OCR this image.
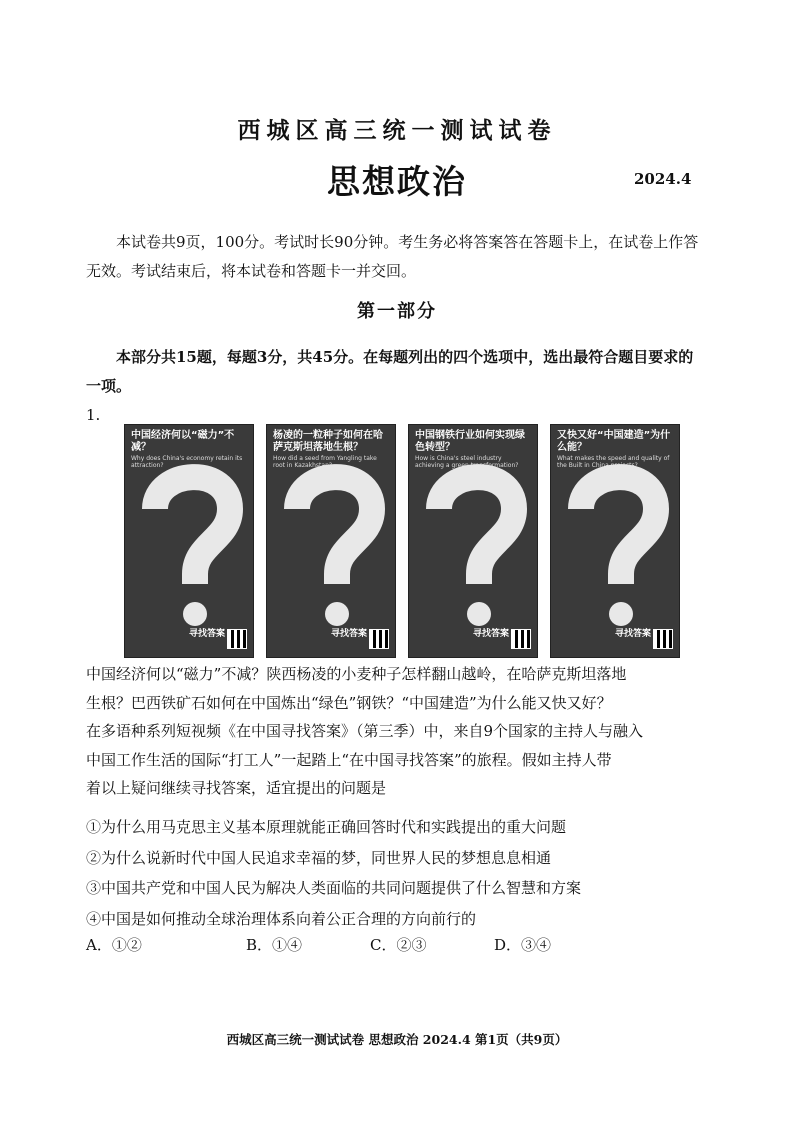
西城区高三统一测试试卷
思想政治	2024.4
本试卷共9页，100分。考试时长90分钟。考生务必将答案答在答题卡上，在试卷上作答无效。考试结束后，将本试卷和答题卡一并交回。
第一部分
本部分共15题，每题3分，共45分。在每题列出的四个选项中，选出最符合题目要求的一项。
1.
中国经济何以“磁力”不减？
Why does China's economy retain its attraction?
寻找答案
杨凌的一粒种子如何在哈萨克斯坦落地生根？
How did a seed from Yangling take root in Kazakhstan?
寻找答案
中国钢铁行业如何实现绿色转型？
How is China's steel industry achieving a green transformation?
寻找答案
又快又好“中国建造”为什么能？
What makes the speed and quality of the Built in China projects?
寻找答案
中国经济何以“磁力”不减？陕西杨凌的小麦种子怎样翻山越岭，在哈萨克斯坦落地
生根？巴西铁矿石如何在中国炼出“绿色”钢铁？“中国建造”为什么能又快又好？
在多语种系列短视频《在中国寻找答案》（第三季）中，来自9个国家的主持人与融入
中国工作生活的国际“打工人”一起踏上“在中国寻找答案”的旅程。假如主持人带
着以上疑问继续寻找答案，适宜提出的问题是
①为什么用马克思主义基本原理就能正确回答时代和实践提出的重大问题
②为什么说新时代中国人民追求幸福的梦，同世界人民的梦想息息相通
③中国共产党和中国人民为解决人类面临的共同问题提供了什么智慧和方案
④中国是如何推动全球治理体系向着公正合理的方向前行的
A．①②	B．①④	C．②③	D．③④
西城区高三统一测试试卷 思想政治 2024.4 第1页（共9页）
